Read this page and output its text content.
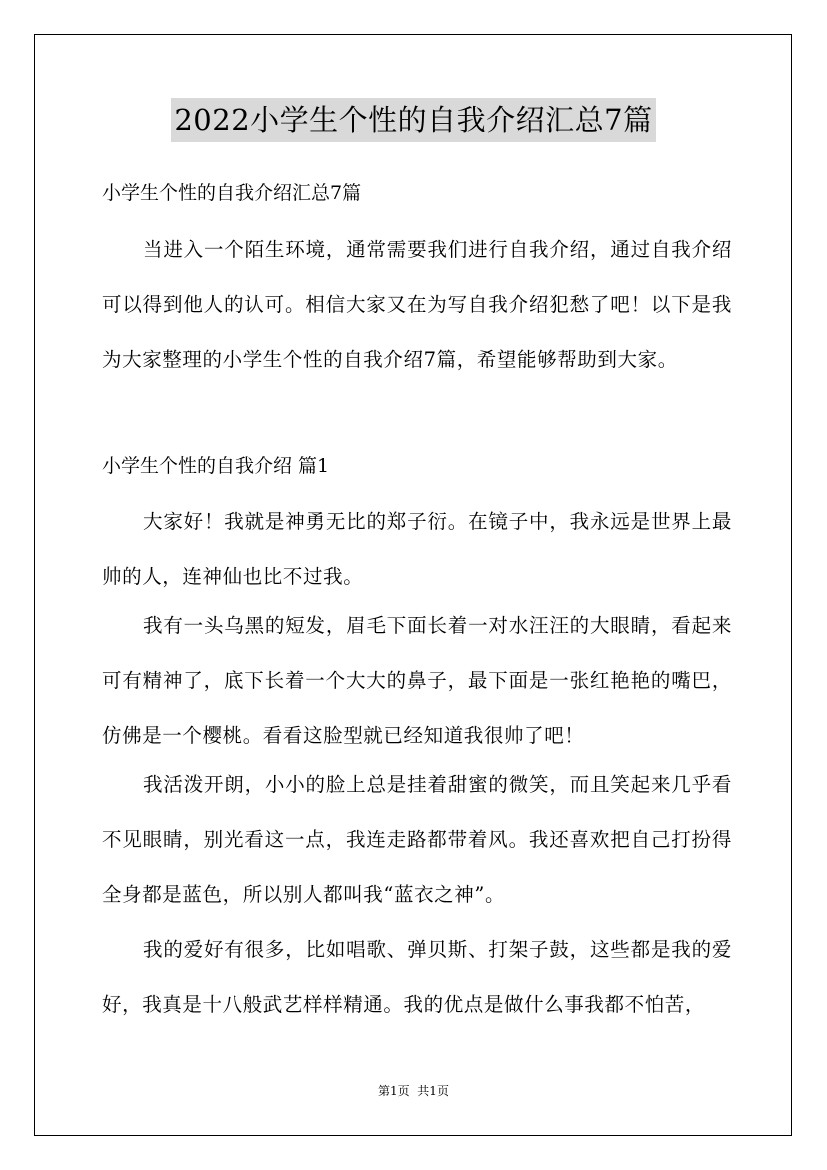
2022小学生个性的自我介绍汇总7篇
小学生个性的自我介绍汇总7篇

当进入一个陌生环境，通常需要我们进行自我介绍，通过自我介绍可以得到他人的认可。相信大家又在为写自我介绍犯愁了吧！以下是我为大家整理的小学生个性的自我介绍7篇，希望能够帮助到大家。

小学生个性的自我介绍 篇1

大家好！我就是神勇无比的郑子衍。在镜子中，我永远是世界上最帅的人，连神仙也比不过我。

我有一头乌黑的短发，眉毛下面长着一对水汪汪的大眼睛，看起来可有精神了，底下长着一个大大的鼻子，最下面是一张红艳艳的嘴巴，仿佛是一个樱桃。看看这脸型就已经知道我很帅了吧！

我活泼开朗，小小的脸上总是挂着甜蜜的微笑，而且笑起来几乎看不见眼睛，别光看这一点，我连走路都带着风。我还喜欢把自己打扮得全身都是蓝色，所以别人都叫我“蓝衣之神”。

我的爱好有很多，比如唱歌、弹贝斯、打架子鼓，这些都是我的爱好，我真是十八般武艺样样精通。我的优点是做什么事我都不怕苦，

第1页  共1页
